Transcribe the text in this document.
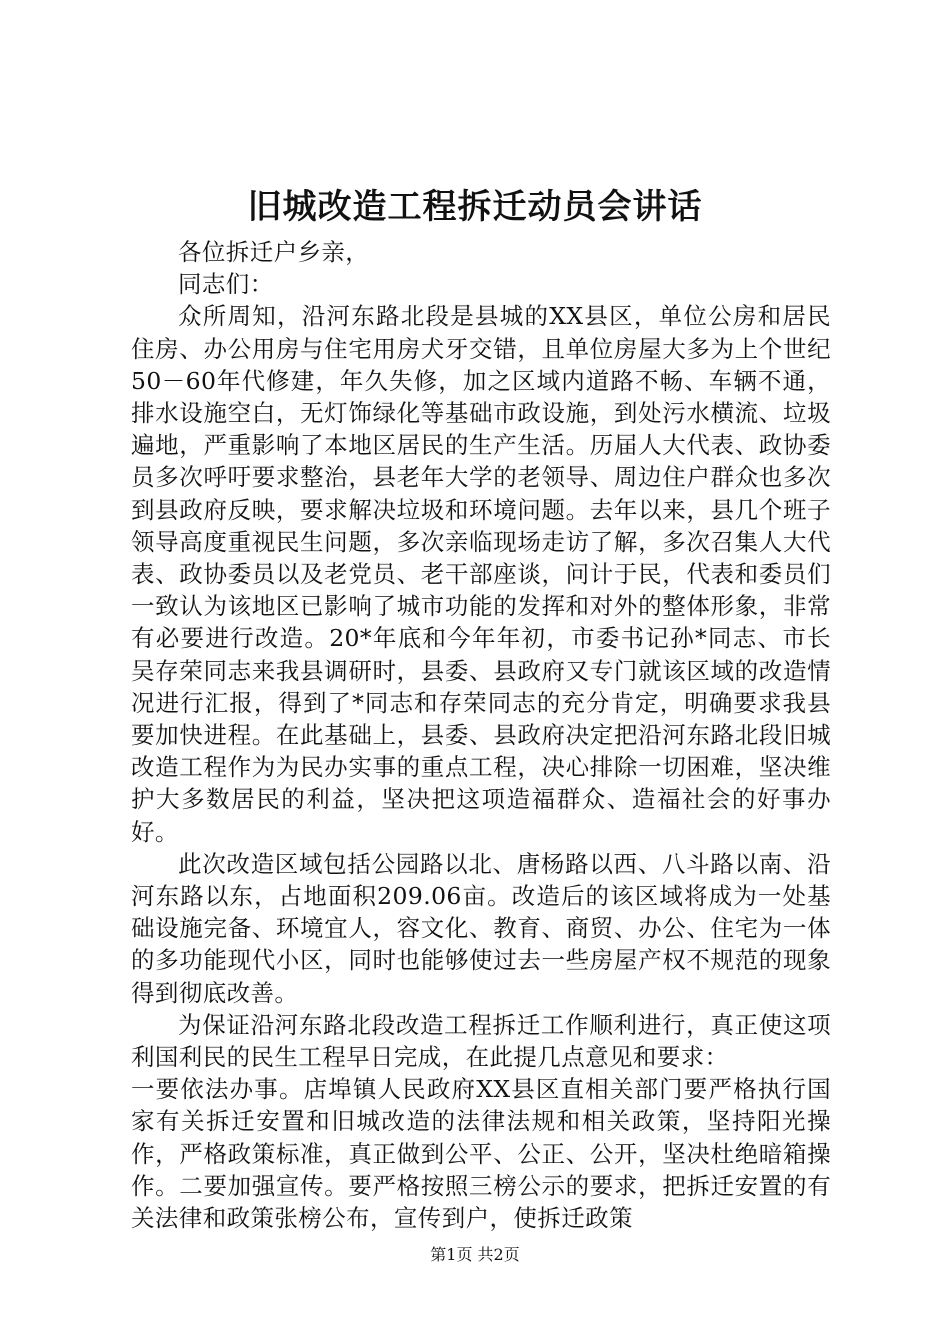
旧城改造工程拆迁动员会讲话

各位拆迁户乡亲，

同志们：

众所周知，沿河东路北段是县城的XX县区，单位公房和居民住房、办公用房与住宅用房犬牙交错，且单位房屋大多为上个世纪50－60年代修建，年久失修，加之区域内道路不畅、车辆不通，排水设施空白，无灯饰绿化等基础市政设施，到处污水横流、垃圾遍地，严重影响了本地区居民的生产生活。历届人大代表、政协委员多次呼吁要求整治，县老年大学的老领导、周边住户群众也多次到县政府反映，要求解决垃圾和环境问题。去年以来，县几个班子领导高度重视民生问题，多次亲临现场走访了解，多次召集人大代表、政协委员以及老党员、老干部座谈，问计于民，代表和委员们一致认为该地区已影响了城市功能的发挥和对外的整体形象，非常有必要进行改造。20*年底和今年年初，市委书记孙*同志、市长吴存荣同志来我县调研时，县委、县政府又专门就该区域的改造情况进行汇报，得到了*同志和存荣同志的充分肯定，明确要求我县要加快进程。在此基础上，县委、县政府决定把沿河东路北段旧城改造工程作为为民办实事的重点工程，决心排除一切困难，坚决维护大多数居民的利益，坚决把这项造福群众、造福社会的好事办好。

此次改造区域包括公园路以北、唐杨路以西、八斗路以南、沿河东路以东，占地面积209.06亩。改造后的该区域将成为一处基础设施完备、环境宜人，容文化、教育、商贸、办公、住宅为一体的多功能现代小区，同时也能够使过去一些房屋产权不规范的现象得到彻底改善。

为保证沿河东路北段改造工程拆迁工作顺利进行，真正使这项利国利民的民生工程早日完成，在此提几点意见和要求：

一要依法办事。店埠镇人民政府XX县区直相关部门要严格执行国家有关拆迁安置和旧城改造的法律法规和相关政策，坚持阳光操作，严格政策标准，真正做到公平、公正、公开，坚决杜绝暗箱操作。二要加强宣传。要严格按照三榜公示的要求，把拆迁安置的有关法律和政策张榜公布，宣传到户，使拆迁政策

第1页 共2页
